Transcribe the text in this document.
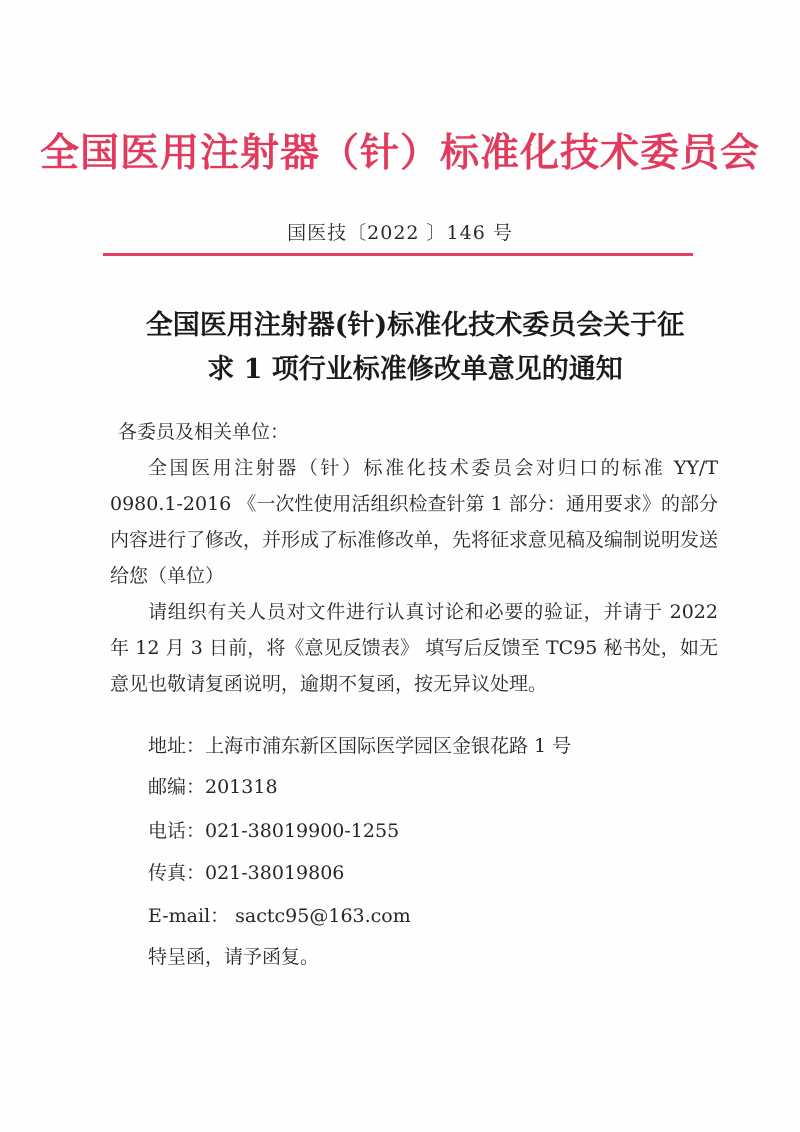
全国医用注射器（针）标准化技术委员会
国医技〔2022 〕146 号
全国医用注射器(针)标准化技术委员会关于征
求 1 项行业标准修改单意见的通知

各委员及相关单位：

全国医用注射器（针）标准化技术委员会对归口的标准 YY/T 0980.1-2016 《一次性使用活组织检查针第 1 部分：通用要求》的部分内容进行了修改，并形成了标准修改单，先将征求意见稿及编制说明发送给您（单位）

请组织有关人员对文件进行认真讨论和必要的验证，并请于 2022 年 12 月 3 日前，将《意见反馈表》 填写后反馈至 TC95 秘书处，如无意见也敬请复函说明，逾期不复函，按无异议处理。

地址：上海市浦东新区国际医学园区金银花路 1 号
邮编：201318
电话：021-38019900-1255
传真：021-38019806
E-mail： sactc95@163.com
特呈函，请予函复。
